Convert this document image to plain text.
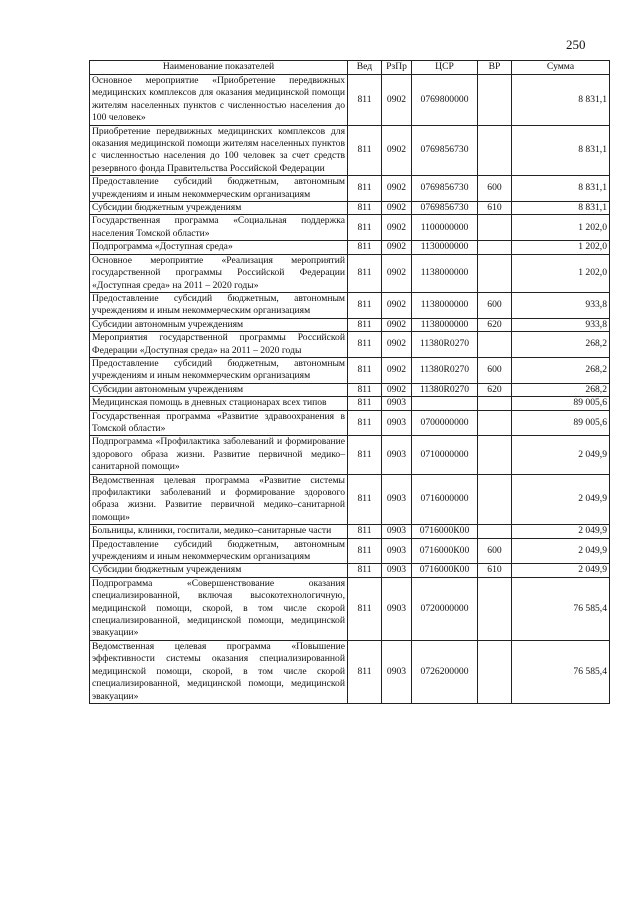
250
Наименование показателей	Вед	РзПр	ЦСР	ВР	Сумма
Основное мероприятие «Приобретение передвижных медицинских комплексов для оказания медицинской помощи жителям населенных пунктов с численностью населения до 100 человек»	811	0902	0769800000		8 831,1
Приобретение передвижных медицинских комплексов для оказания медицинской помощи жителям населенных пунктов с численностью населения до 100 человек за счет средств резервного фонда Правительства Российской Федерации	811	0902	0769856730		8 831,1
Предоставление субсидий бюджетным, автономным учреждениям и иным некоммерческим организациям	811	0902	0769856730	600	8 831,1
Субсидии бюджетным учреждениям	811	0902	0769856730	610	8 831,1
Государственная программа «Социальная поддержка населения Томской области»	811	0902	1100000000		1 202,0
Подпрограмма «Доступная среда»	811	0902	1130000000		1 202,0
Основное мероприятие «Реализация мероприятий государственной программы Российской Федерации «Доступная среда» на 2011 – 2020 годы»	811	0902	1138000000		1 202,0
Предоставление субсидий бюджетным, автономным учреждениям и иным некоммерческим организациям	811	0902	1138000000	600	933,8
Субсидии автономным учреждениям	811	0902	1138000000	620	933,8
Мероприятия государственной программы Российской Федерации «Доступная среда» на 2011 – 2020 годы	811	0902	11380R0270		268,2
Предоставление субсидий бюджетным, автономным учреждениям и иным некоммерческим организациям	811	0902	11380R0270	600	268,2
Субсидии автономным учреждениям	811	0902	11380R0270	620	268,2
Медицинская помощь в дневных стационарах всех типов	811	0903			89 005,6
Государственная программа «Развитие здравоохранения в Томской области»	811	0903	0700000000		89 005,6
Подпрограмма «Профилактика заболеваний и формирование здорового образа жизни. Развитие первичной медико–санитарной помощи»	811	0903	0710000000		2 049,9
Ведомственная целевая программа «Развитие системы профилактики заболеваний и формирование здорового образа жизни. Развитие первичной медико–санитарной помощи»	811	0903	0716000000		2 049,9
Больницы, клиники, госпитали, медико–санитарные части	811	0903	0716000К00		2 049,9
Предоставление субсидий бюджетным, автономным учреждениям и иным некоммерческим организациям	811	0903	0716000К00	600	2 049,9
Субсидии бюджетным учреждениям	811	0903	0716000К00	610	2 049,9
Подпрограмма «Совершенствование оказания специализированной, включая высокотехнологичную, медицинской помощи, скорой, в том числе скорой специализированной, медицинской помощи, медицинской эвакуации»	811	0903	0720000000		76 585,4
Ведомственная целевая программа «Повышение эффективности системы оказания специализированной медицинской помощи, скорой, в том числе скорой специализированной, медицинской помощи, медицинской эвакуации»	811	0903	0726200000		76 585,4
